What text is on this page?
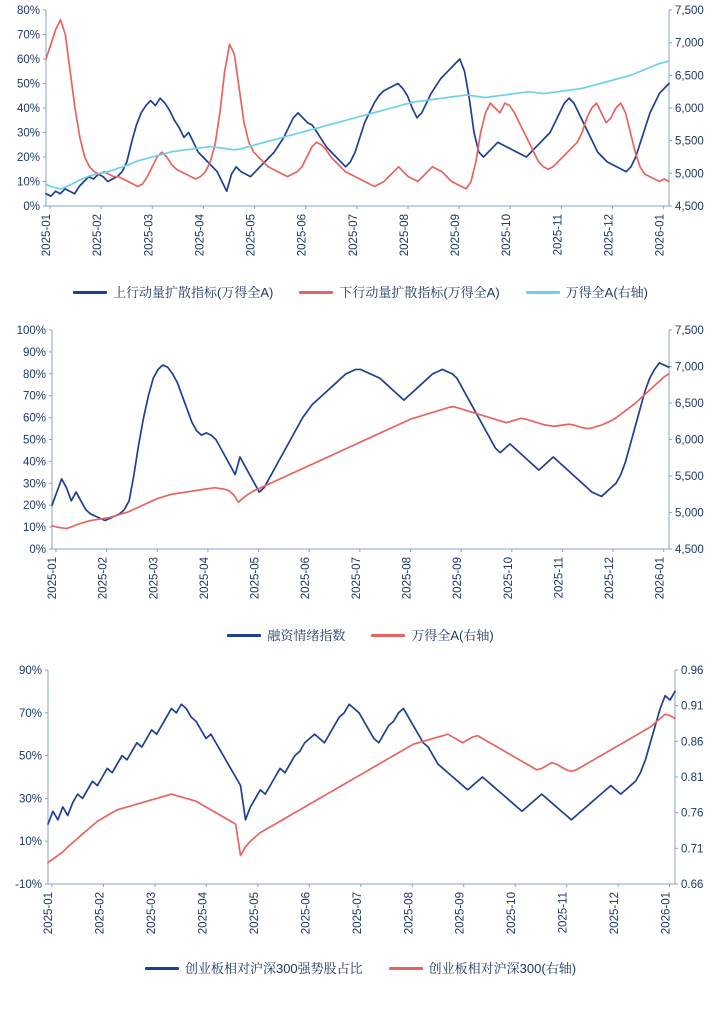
0%
10%
20%
30%
40%
50%
60%
70%
80%
4,500
5,000
5,500
6,000
6,500
7,000
7,500
2025-01	2025-02	2025-03	2025-04	2025-05	2025-06	2025-07	2025-08	2025-09	2025-10	2025-11	2025-12	2026-01
上行动量扩散指标(万得全A)	下行动量扩散指标(万得全A)	万得全A(右轴)
0%
10%
20%
30%
40%
50%
60%
70%
80%
90%
100%
4,500
5,000
5,500
6,000
6,500
7,000
7,500
2025-01	2025-02	2025-03	2025-04	2025-05	2025-06	2025-07	2025-08	2025-09	2025-10	2025-11	2025-12	2026-01
融资情绪指数	万得全A(右轴)
-10%
10%
30%
50%
70%
90%
0.66
0.71
0.76
0.81
0.86
0.91
0.96
2025-01	2025-02	2025-03	2025-04	2025-05	2025-06	2025-07	2025-08	2025-09	2025-10	2025-11	2025-12	2026-01
创业板相对沪深300强势股占比	创业板相对沪深300(右轴)
